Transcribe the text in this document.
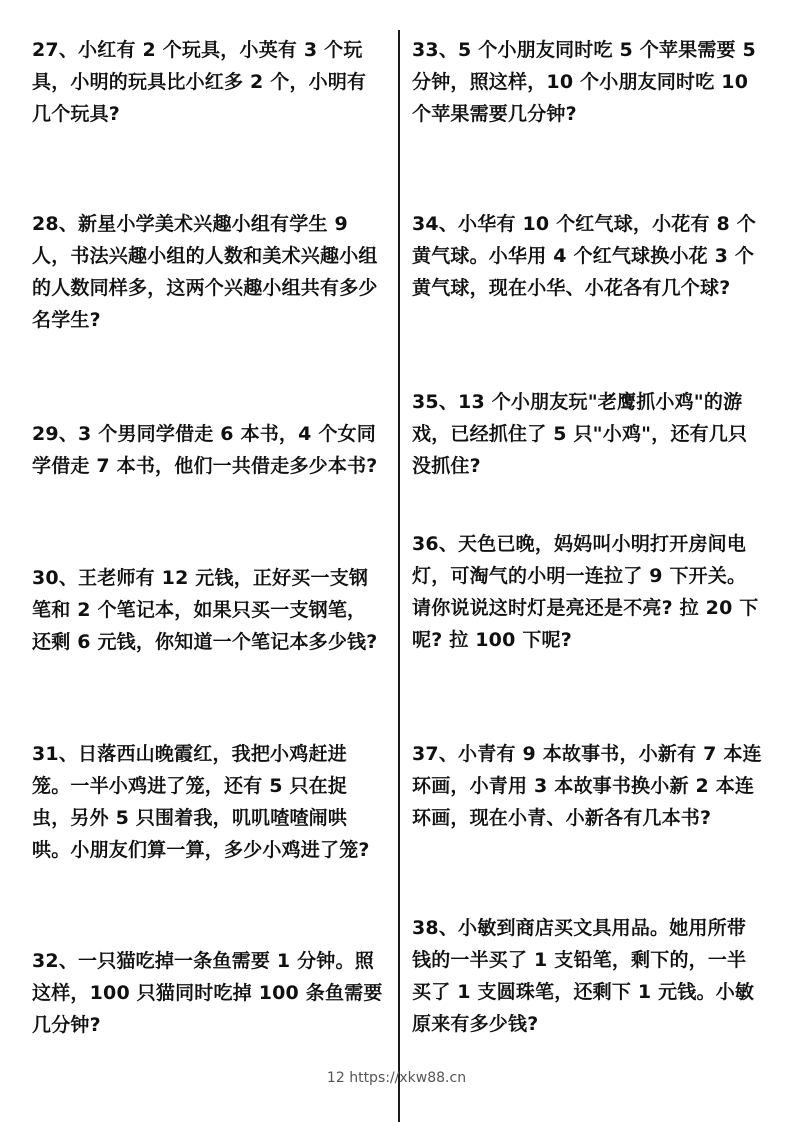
27、小红有 2 个玩具，小英有 3 个玩具，小明的玩具比小红多 2 个，小明有几个玩具?
28、新星小学美术兴趣小组有学生 9 人，书法兴趣小组的人数和美术兴趣小组的人数同样多，这两个兴趣小组共有多少名学生?
29、3 个男同学借走 6 本书，4 个女同学借走 7 本书，他们一共借走多少本书?
30、王老师有 12 元钱，正好买一支钢笔和 2 个笔记本，如果只买一支钢笔，还剩 6 元钱，你知道一个笔记本多少钱?
31、日落西山晚霞红，我把小鸡赶进笼。一半小鸡进了笼，还有 5 只在捉虫，另外 5 只围着我，叽叽喳喳闹哄哄。小朋友们算一算，多少小鸡进了笼?
32、一只猫吃掉一条鱼需要 1 分钟。照这样，100 只猫同时吃掉 100 条鱼需要几分钟?
33、5 个小朋友同时吃 5 个苹果需要 5 分钟，照这样，10 个小朋友同时吃 10 个苹果需要几分钟?
34、小华有 10 个红气球，小花有 8 个黄气球。小华用 4 个红气球换小花 3 个黄气球，现在小华、小花各有几个球?
35、13 个小朋友玩"老鹰抓小鸡"的游戏，已经抓住了 5 只"小鸡"，还有几只没抓住?
36、天色已晚，妈妈叫小明打开房间电灯，可淘气的小明一连拉了 9 下开关。请你说说这时灯是亮还是不亮? 拉 20 下呢? 拉 100 下呢?
37、小青有 9 本故事书，小新有 7 本连环画，小青用 3 本故事书换小新 2 本连环画，现在小青、小新各有几本书?
38、小敏到商店买文具用品。她用所带钱的一半买了 1 支铅笔，剩下的，一半买了 1 支圆珠笔，还剩下 1 元钱。小敏原来有多少钱?
12 https://xkw88.cn
